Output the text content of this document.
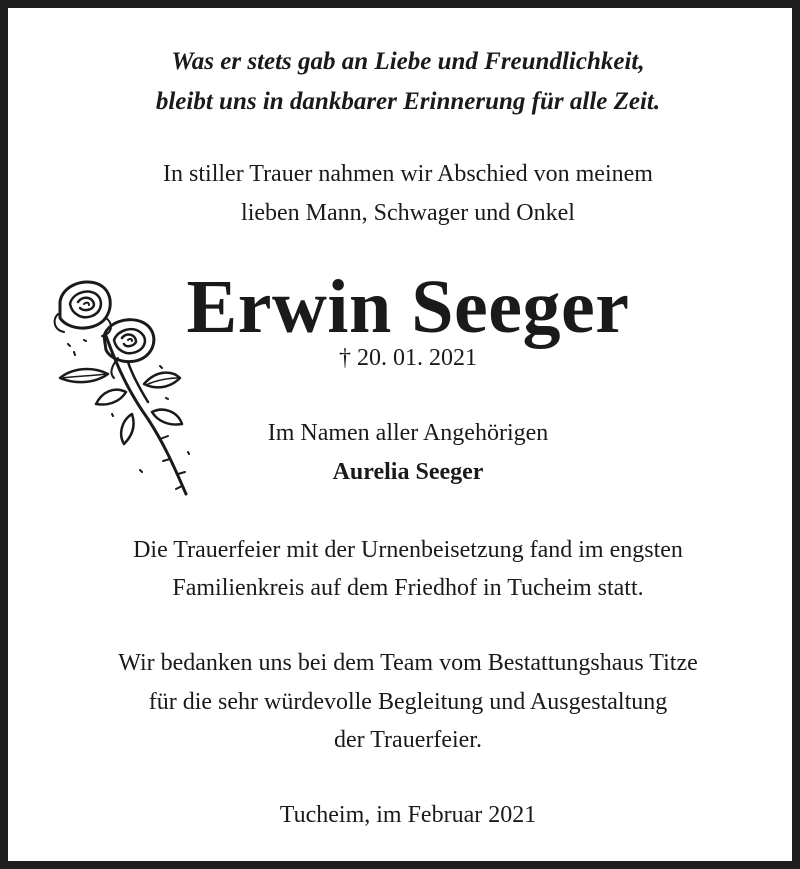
Was er stets gab an Liebe und Freundlichkeit,
bleibt uns in dankbarer Erinnerung für alle Zeit.
In stiller Trauer nahmen wir Abschied von meinem
lieben Mann, Schwager und Onkel
Erwin Seeger
† 20. 01. 2021
Im Namen aller Angehörigen
Aurelia Seeger
Die Trauerfeier mit der Urnenbeisetzung fand im engsten
Familienkreis auf dem Friedhof in Tucheim statt.
Wir bedanken uns bei dem Team vom Bestattungshaus Titze
für die sehr würdevolle Begleitung und Ausgestaltung
der Trauerfeier.
Tucheim, im Februar 2021
